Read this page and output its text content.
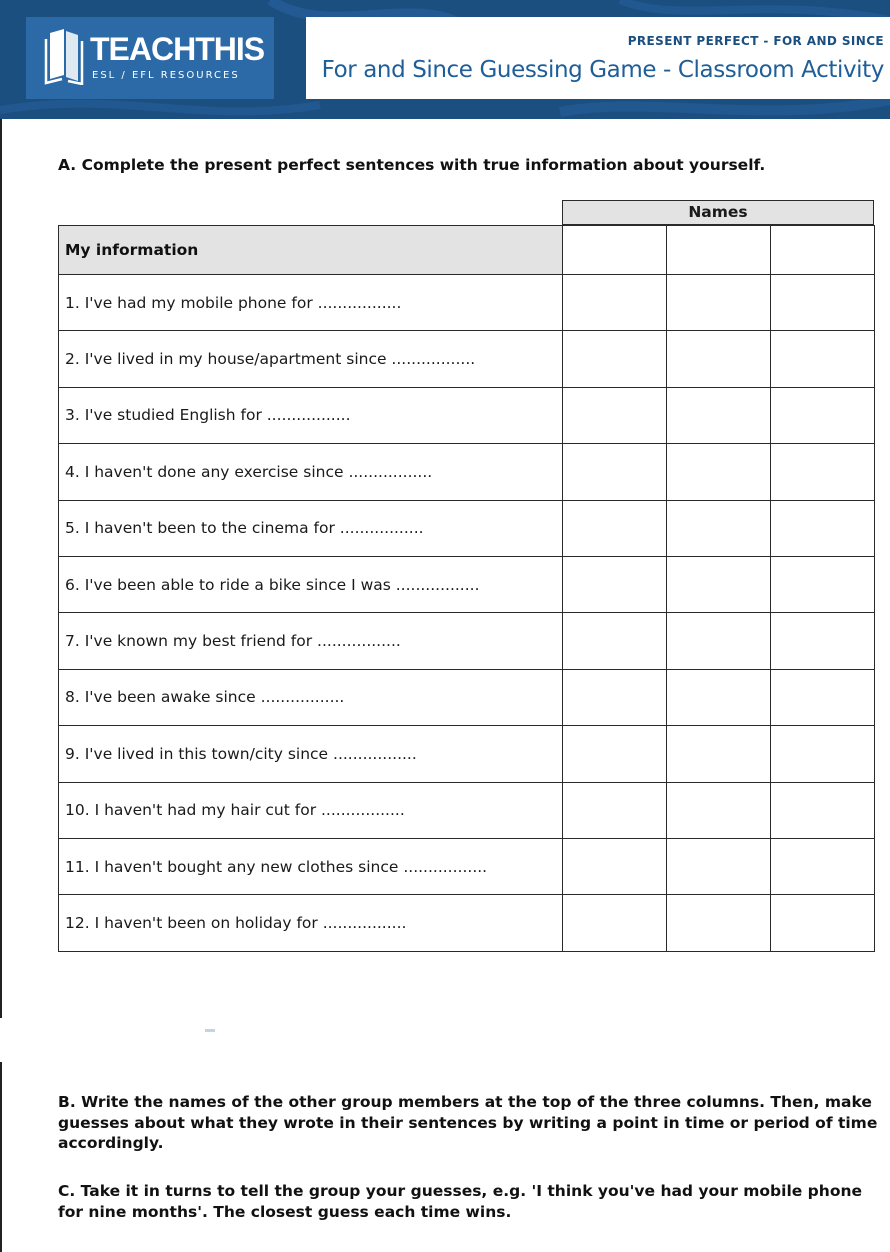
TEACHTHIS
ESL / EFL RESOURCES
PRESENT PERFECT - FOR AND SINCE
For and Since Guessing Game - Classroom Activity
A. Complete the present perfect sentences with true information about yourself.
Names
My information			
1. I've had my mobile phone for .................			
2. I've lived in my house/apartment since .................			
3. I've studied English for .................			
4. I haven't done any exercise since .................			
5. I haven't been to the cinema for .................			
6. I've been able to ride a bike since I was .................			
7. I've known my best friend for .................			
8. I've been awake since .................			
9. I've lived in this town/city since .................			
10. I haven't had my hair cut for .................			
11. I haven't bought any new clothes since .................			
12. I haven't been on holiday for .................			
B. Write the names of the other group members at the top of the three columns. Then, make guesses about what they wrote in their sentences by writing a point in time or period of time accordingly.
C. Take it in turns to tell the group your guesses, e.g. 'I think you've had your mobile phone for nine months'. The closest guess each time wins.
